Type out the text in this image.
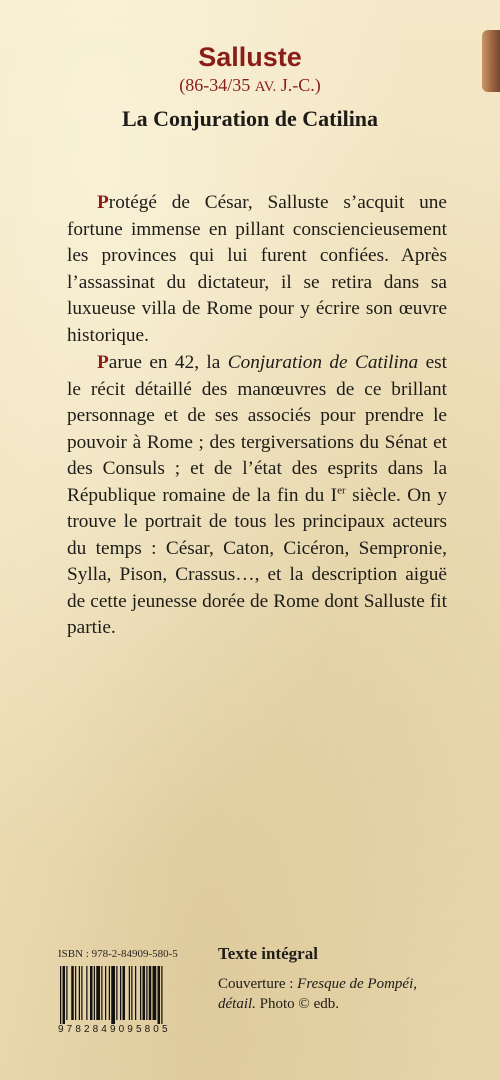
Salluste

(86-34/35 AV. J.-C.)

La Conjuration de Catilina

Protégé de César, Salluste s’acquit une fortune immense en pillant consciencieusement les provinces qui lui furent confiées. Après l’assassinat du dictateur, il se retira dans sa luxueuse villa de Rome pour y écrire son œuvre historique.

Parue en 42, la Conjuration de Catilina est le récit détaillé des manœuvres de ce brillant personnage et de ses associés pour prendre le pouvoir à Rome ; des tergiversations du Sénat et des Consuls ; et de l’état des esprits dans la République romaine de la fin du Ier siècle. On y trouve le portrait de tous les principaux acteurs du temps : César, Caton, Cicéron, Sempronie, Sylla, Pison, Crassus…, et la description aiguë de cette jeunesse dorée de Rome dont Salluste fit partie.

ISBN : 978-2-84909-580-5

9782849095805

Texte intégral

Couverture : Fresque de Pompéi, détail. Photo © edb.
